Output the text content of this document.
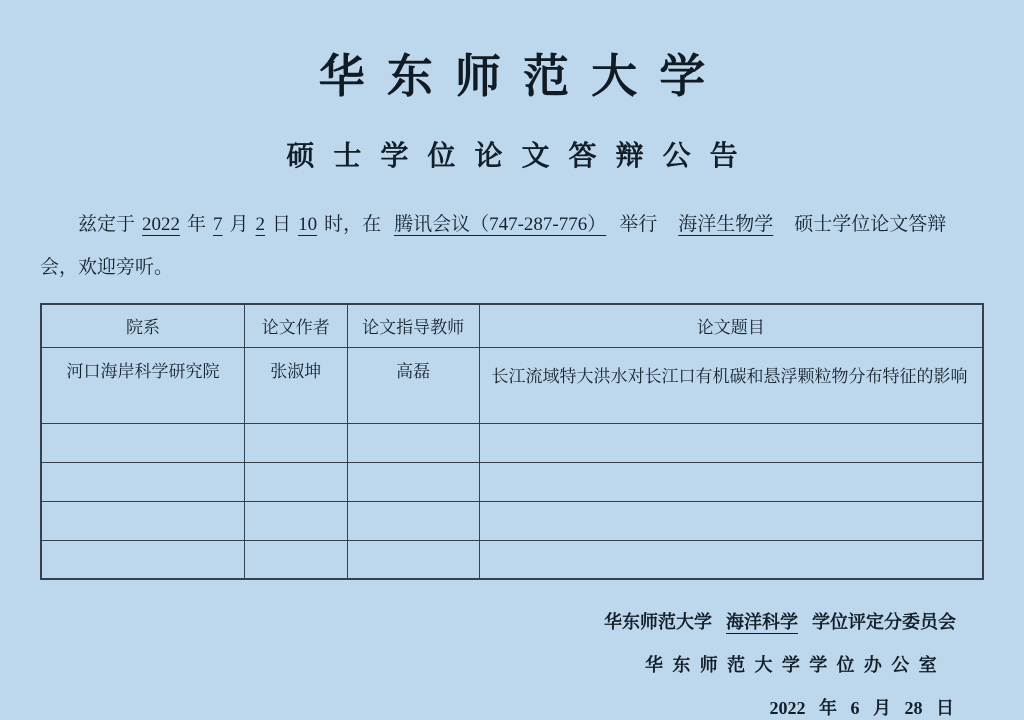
华东师范大学
硕士学位论文答辩公告

兹定于 2022 年 7 月 2 日 10 时，在 腾讯会议（747-287-776） 举行 海洋生物学 硕士学位论文答辩会，欢迎旁听。

院系	论文作者	论文指导教师	论文题目
河口海岸科学研究院	张淑坤	高磊	长江流域特大洪水对长江口有机碳和悬浮颗粒物分布特征的影响

华东师范大学 海洋科学 学位评定分委员会
华东师范大学学位办公室
2022 年 6 月 28 日
